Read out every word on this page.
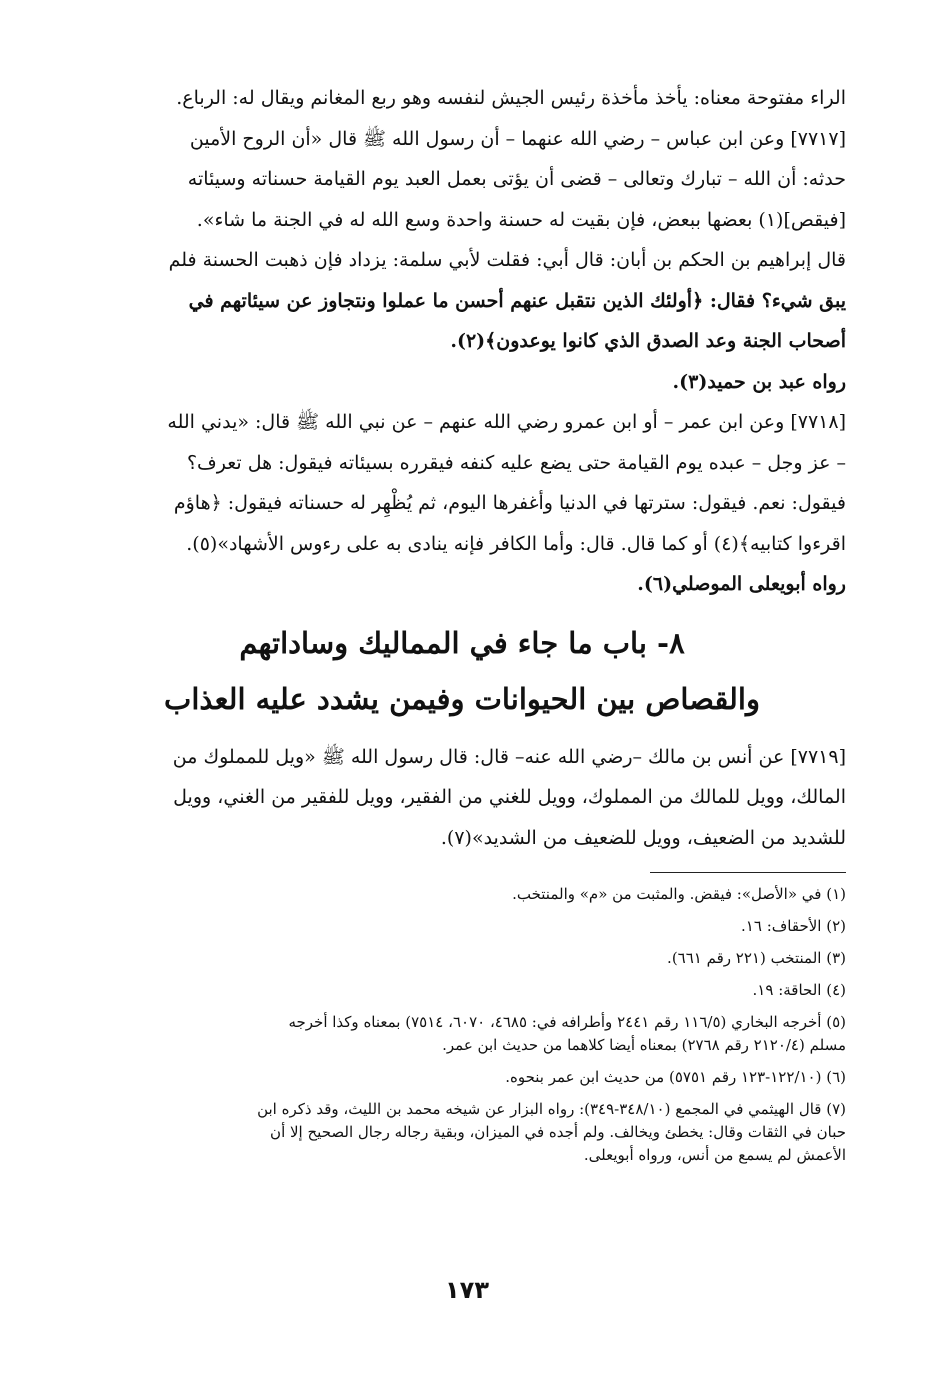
الراء مفتوحة معناه: يأخذ مأخذة رئيس الجيش لنفسه وهو ربع المغانم ويقال له: الرباع.

[٧٧١٧] وعن ابن عباس – رضي الله عنهما – أن رسول الله ﷺ قال «أن الروح الأمين
حدثه: أن الله – تبارك وتعالى – قضى أن يؤتى بعمل العبد يوم القيامة حسناته وسيئاته
[فيقص](١) بعضها ببعض، فإن بقيت له حسنة واحدة وسع الله له في الجنة ما شاء».

قال إبراهيم بن الحكم بن أبان: قال أبي: فقلت لأبي سلمة: يزداد فإن ذهبت الحسنة فلم
يبق شيء؟ فقال: ﴿أولئك الذين نتقبل عنهم أحسن ما عملوا ونتجاوز عن سيئاتهم في
أصحاب الجنة وعد الصدق الذي كانوا يوعدون﴾(٢).

رواه عبد بن حميد(٣).

[٧٧١٨] وعن ابن عمر – أو ابن عمرو رضي الله عنهم – عن نبي الله ﷺ قال: «يدني الله
– عز وجل – عبده يوم القيامة حتى يضع عليه كنفه فيقرره بسيئاته فيقول: هل تعرف؟
فيقول: نعم. فيقول: سترتها في الدنيا وأغفرها اليوم، ثم يُظْهِر له حسناته فيقول: ﴿هاؤم
اقرءوا كتابيه﴾(٤) أو كما قال. قال: وأما الكافر فإنه ينادى به على رءوس الأشهاد»(٥).

رواه أبويعلى الموصلي(٦).

٨- باب ما جاء في المماليك وساداتهم
والقصاص بين الحيوانات وفيمن يشدد عليه العذاب

[٧٧١٩] عن أنس بن مالك –رضي الله عنه– قال: قال رسول الله ﷺ «ويل للمملوك من
المالك، وويل للمالك من المملوك، وويل للغني من الفقير، وويل للفقير من الغني، وويل
للشديد من الضعيف، وويل للضعيف من الشديد»(٧).

(١) في «الأصل»: فيقض. والمثبت من «م» والمنتخب.

(٢) الأحقاف: ١٦.

(٣) المنتخب (٢٢١ رقم ٦٦١).

(٤) الحاقة: ١٩.

(٥) أخرجه البخاري (١١٦/٥ رقم ٢٤٤١ وأطرافه في: ٤٦٨٥، ٦٠٧٠، ٧٥١٤) بمعناه وكذا أخرجه
مسلم (٢١٢٠/٤ رقم ٢٧٦٨) بمعناه أيضا كلاهما من حديث ابن عمر.

(٦) (١٢٢/١٠-١٢٣ رقم ٥٧٥١) من حديث ابن عمر بنحوه.

(٧) قال الهيثمي في المجمع (٣٤٨/١٠-٣٤٩): رواه البزار عن شيخه محمد بن الليث، وقد ذكره ابن
حبان في الثقات وقال: يخطئ ويخالف. ولم أجده في الميزان، وبقية رجاله رجال الصحيح إلا أن
الأعمش لم يسمع من أنس، ورواه أبويعلى.

١٧٣
